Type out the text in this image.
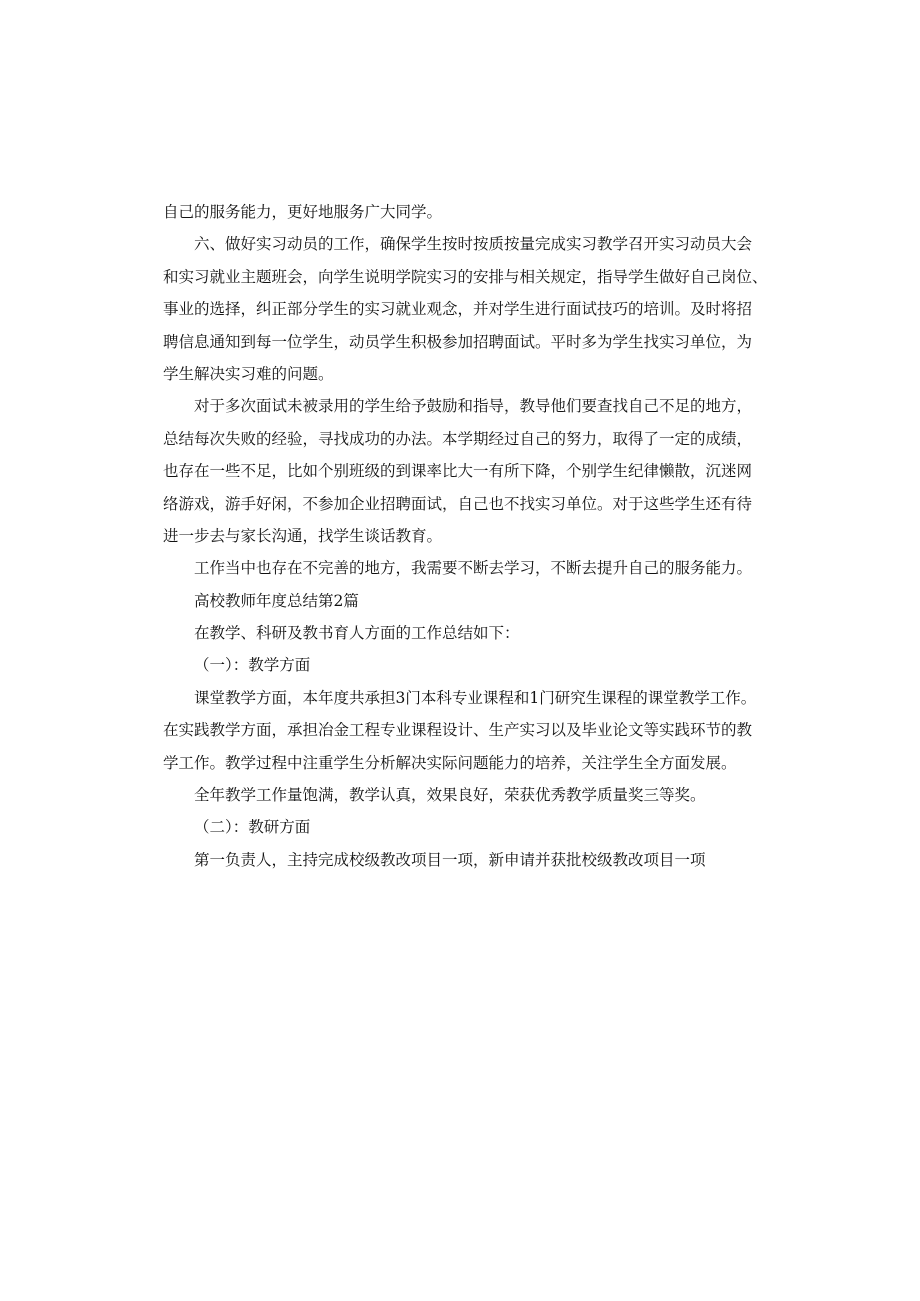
自己的服务能力，更好地服务广大同学。
六、做好实习动员的工作，确保学生按时按质按量完成实习教学召开实习动员大会
和实习就业主题班会，向学生说明学院实习的安排与相关规定，指导学生做好自己岗位、
事业的选择，纠正部分学生的实习就业观念，并对学生进行面试技巧的培训。及时将招
聘信息通知到每一位学生，动员学生积极参加招聘面试。平时多为学生找实习单位，为
学生解决实习难的问题。
对于多次面试未被录用的学生给予鼓励和指导，教导他们要查找自己不足的地方，
总结每次失败的经验，寻找成功的办法。本学期经过自己的努力，取得了一定的成绩，
也存在一些不足，比如个别班级的到课率比大一有所下降，个别学生纪律懒散，沉迷网
络游戏，游手好闲，不参加企业招聘面试，自己也不找实习单位。对于这些学生还有待
进一步去与家长沟通，找学生谈话教育。
工作当中也存在不完善的地方，我需要不断去学习，不断去提升自己的服务能力。
高校教师年度总结第2篇
在教学、科研及教书育人方面的工作总结如下：
（一）：教学方面
课堂教学方面，本年度共承担3门本科专业课程和1门研究生课程的课堂教学工作。
在实践教学方面，承担冶金工程专业课程设计、生产实习以及毕业论文等实践环节的教
学工作。教学过程中注重学生分析解决实际问题能力的培养，关注学生全方面发展。
全年教学工作量饱满，教学认真，效果良好，荣获优秀教学质量奖三等奖。
（二）：教研方面
第一负责人，主持完成校级教改项目一项，新申请并获批校级教改项目一项
